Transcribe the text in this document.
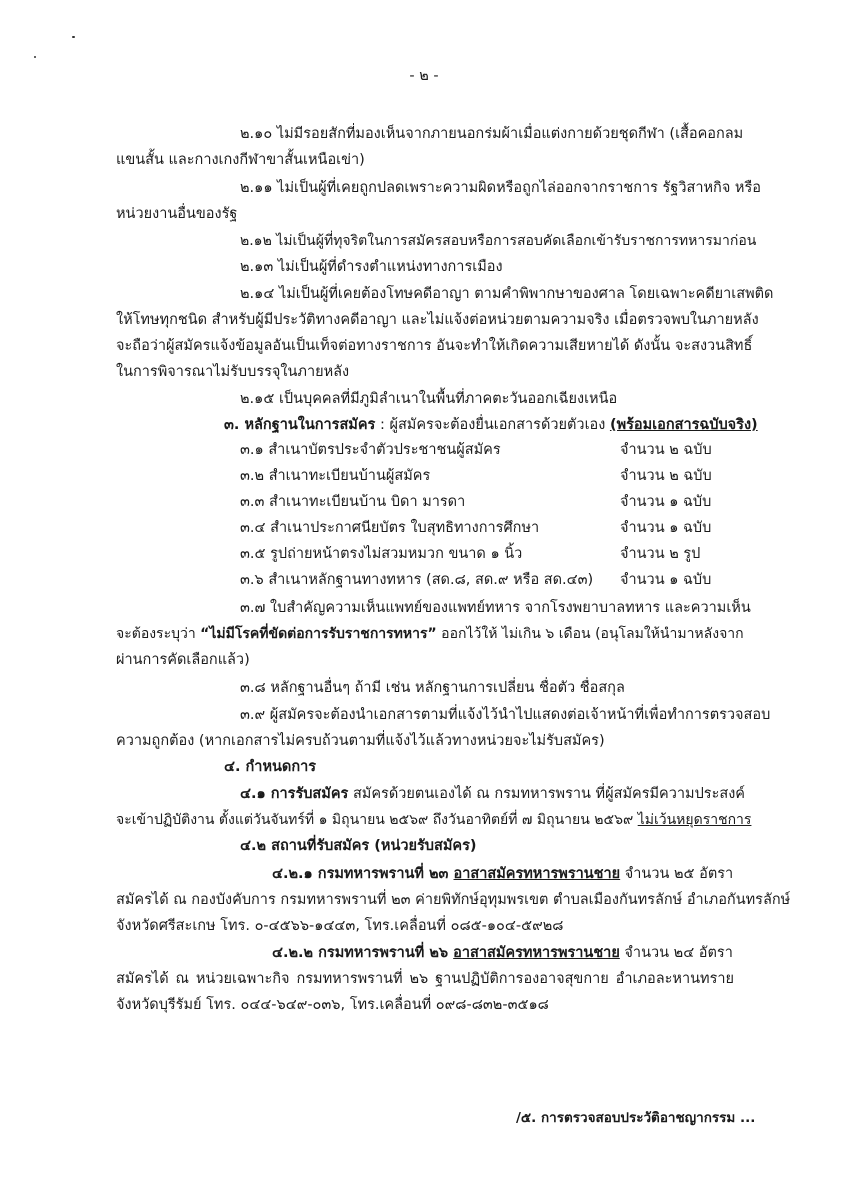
- ๒ -
๒.๑๐ ไม่มีรอยสักที่มองเห็นจากภายนอกร่มผ้าเมื่อแต่งกายด้วยชุดกีฬา (เสื้อคอกลม
แขนสั้น และกางเกงกีฬาขาสั้นเหนือเข่า)
๒.๑๑ ไม่เป็นผู้ที่เคยถูกปลดเพราะความผิดหรือถูกไล่ออกจากราชการ รัฐวิสาหกิจ หรือ
หน่วยงานอื่นของรัฐ
๒.๑๒ ไม่เป็นผู้ที่ทุจริตในการสมัครสอบหรือการสอบคัดเลือกเข้ารับราชการทหารมาก่อน
๒.๑๓ ไม่เป็นผู้ที่ดำรงตำแหน่งทางการเมือง
๒.๑๔ ไม่เป็นผู้ที่เคยต้องโทษคดีอาญา ตามคำพิพากษาของศาล โดยเฉพาะคดียาเสพติด
ให้โทษทุกชนิด สำหรับผู้มีประวัติทางคดีอาญา และไม่แจ้งต่อหน่วยตามความจริง เมื่อตรวจพบในภายหลัง
จะถือว่าผู้สมัครแจ้งข้อมูลอันเป็นเท็จต่อทางราชการ อันจะทำให้เกิดความเสียหายได้ ดังนั้น จะสงวนสิทธิ์
ในการพิจารณาไม่รับบรรจุในภายหลัง
๒.๑๕ เป็นบุคคลที่มีภูมิลำเนาในพื้นที่ภาคตะวันออกเฉียงเหนือ
๓. หลักฐานในการสมัคร : ผู้สมัครจะต้องยื่นเอกสารด้วยตัวเอง (พร้อมเอกสารฉบับจริง)
๓.๑ สำเนาบัตรประจำตัวประชาชนผู้สมัคร	จำนวน ๒ ฉบับ
๓.๒ สำเนาทะเบียนบ้านผู้สมัคร	จำนวน ๒ ฉบับ
๓.๓ สำเนาทะเบียนบ้าน บิดา มารดา	จำนวน ๑ ฉบับ
๓.๔ สำเนาประกาศนียบัตร ใบสุทธิทางการศึกษา	จำนวน ๑ ฉบับ
๓.๕ รูปถ่ายหน้าตรงไม่สวมหมวก ขนาด ๑ นิ้ว	จำนวน ๒ รูป
๓.๖ สำเนาหลักฐานทางทหาร (สด.๘, สด.๙ หรือ สด.๔๓) จำนวน ๑ ฉบับ
๓.๗ ใบสำคัญความเห็นแพทย์ของแพทย์ทหาร จากโรงพยาบาลทหาร และความเห็น
จะต้องระบุว่า “ไม่มีโรคที่ขัดต่อการรับราชการทหาร” ออกไว้ให้ ไม่เกิน ๖ เดือน (อนุโลมให้นำมาหลังจาก
ผ่านการคัดเลือกแล้ว)
๓.๘ หลักฐานอื่นๆ ถ้ามี เช่น หลักฐานการเปลี่ยน ชื่อตัว ชื่อสกุล
๓.๙ ผู้สมัครจะต้องนำเอกสารตามที่แจ้งไว้นำไปแสดงต่อเจ้าหน้าที่เพื่อทำการตรวจสอบ
ความถูกต้อง (หากเอกสารไม่ครบถ้วนตามที่แจ้งไว้แล้วทางหน่วยจะไม่รับสมัคร)
๔. กำหนดการ
๔.๑ การรับสมัคร สมัครด้วยตนเองได้ ณ กรมทหารพราน ที่ผู้สมัครมีความประสงค์
จะเข้าปฏิบัติงาน ตั้งแต่วันจันทร์ที่ ๑ มิถุนายน ๒๕๖๙ ถึงวันอาทิตย์ที่ ๗ มิถุนายน ๒๕๖๙ ไม่เว้นหยุดราชการ
๔.๒ สถานที่รับสมัคร (หน่วยรับสมัคร)
๔.๒.๑ กรมทหารพรานที่ ๒๓ อาสาสมัครทหารพรานชาย จำนวน ๒๕ อัตรา
สมัครได้ ณ กองบังคับการ กรมทหารพรานที่ ๒๓ ค่ายพิทักษ์อุทุมพรเขต ตำบลเมืองกันทรลักษ์ อำเภอกันทรลักษ์
จังหวัดศรีสะเกษ โทร. ๐-๔๕๖๖-๑๔๔๓, โทร.เคลื่อนที่ ๐๘๕-๑๐๔-๕๙๒๘
๔.๒.๒ กรมทหารพรานที่ ๒๖ อาสาสมัครทหารพรานชาย จำนวน ๒๔ อัตรา
สมัครได้ ณ หน่วยเฉพาะกิจ กรมทหารพรานที่ ๒๖ ฐานปฏิบัติการองอาจสุขกาย อำเภอละหานทราย
จังหวัดบุรีรัมย์ โทร. ๐๔๔-๖๔๙-๐๓๖, โทร.เคลื่อนที่ ๐๙๘-๘๓๒-๓๕๑๘
/๕. การตรวจสอบประวัติอาชญากรรม ...
